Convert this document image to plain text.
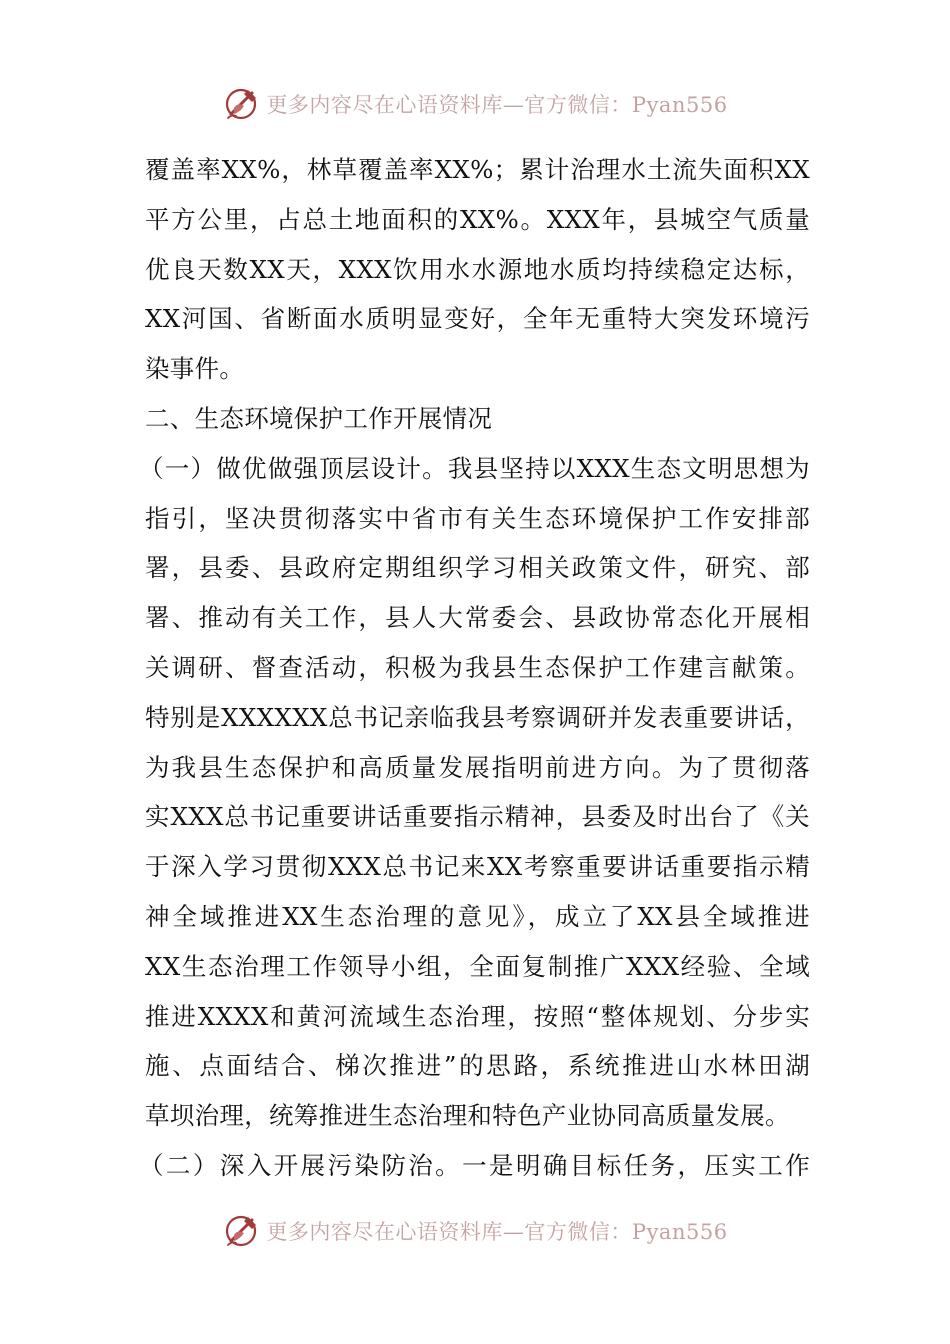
更多内容尽在心语资料库—官方微信：Pyan556
覆盖率XX%，林草覆盖率XX%；累计治理水土流失面积XX
平方公里，占总土地面积的XX%。XXX年，县城空气质量
优良天数XX天，XXX饮用水水源地水质均持续稳定达标，
XX河国、省断面水质明显变好，全年无重特大突发环境污
染事件。
二、生态环境保护工作开展情况
（一）做优做强顶层设计。我县坚持以XXX生态文明思想为
指引，坚决贯彻落实中省市有关生态环境保护工作安排部
署，县委、县政府定期组织学习相关政策文件，研究、部
署、推动有关工作，县人大常委会、县政协常态化开展相
关调研、督查活动，积极为我县生态保护工作建言献策。
特别是XXXXXX总书记亲临我县考察调研并发表重要讲话，
为我县生态保护和高质量发展指明前进方向。为了贯彻落
实XXX总书记重要讲话重要指示精神，县委及时出台了《关
于深入学习贯彻XXX总书记来XX考察重要讲话重要指示精
神全域推进XX生态治理的意见》，成立了XX县全域推进
XX生态治理工作领导小组，全面复制推广XXX经验、全域
推进XXXX和黄河流域生态治理，按照“整体规划、分步实
施、点面结合、梯次推进”的思路，系统推进山水林田湖
草坝治理，统筹推进生态治理和特色产业协同高质量发展。
（二）深入开展污染防治。一是明确目标任务，压实工作
更多内容尽在心语资料库—官方微信：Pyan556
